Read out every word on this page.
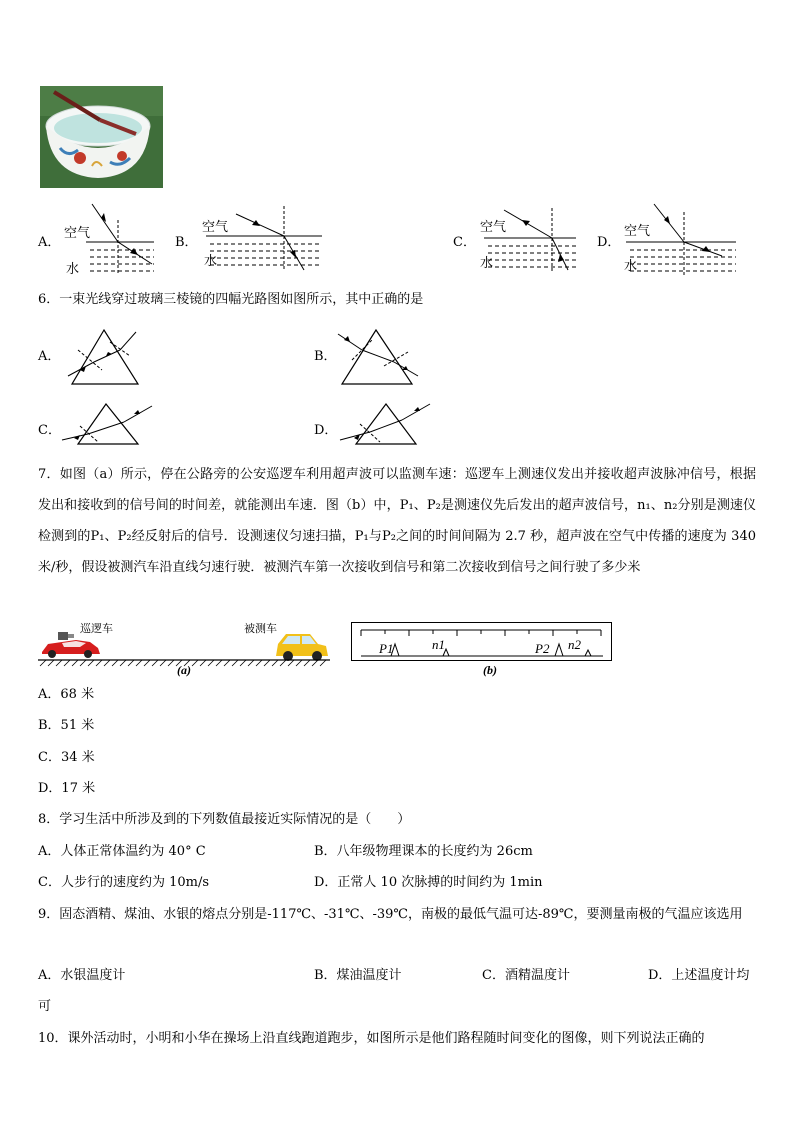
A．
空气
水
B．
空气
水
C．
空气
水
D．
空气
水
6．一束光线穿过玻璃三棱镜的四幅光路图如图所示，其中正确的是
A．	B．
C．	D．
7．如图（a）所示，停在公路旁的公安巡逻车利用超声波可以监测车速：巡逻车上测速仪发出并接收超声波脉冲信号，根据发出和接收到的信号间的时间差，就能测出车速．图（b）中，P₁、P₂是测速仪先后发出的超声波信号，n₁、n₂分别是测速仪检测到的P₁、P₂经反射后的信号．设测速仪匀速扫描，P₁与P₂之间的时间间隔为 2.7 秒，超声波在空气中传播的速度为 340 米/秒，假设被测汽车沿直线匀速行驶．被测汽车第一次接收到信号和第二次接收到信号之间行驶了多少米
巡逻车	被测车
(a)
P1	n1	P2 n2
(b)
A．68 米
B．51 米
C．34 米
D．17 米
8．学习生活中所涉及到的下列数值最接近实际情况的是（　　）
A．人体正常体温约为 40° C	B．八年级物理课本的长度约为 26cm
C．人步行的速度约为 10m/s	D．正常人 10 次脉搏的时间约为 1min
9．固态酒精、煤油、水银的熔点分别是-117℃、-31℃、-39℃，南极的最低气温可达-89℃，要测量南极的气温应该选用
A．水银温度计	B．煤油温度计	C．酒精温度计	D．上述温度计均
可
10．课外活动时，小明和小华在操场上沿直线跑道跑步，如图所示是他们路程随时间变化的图像，则下列说法正确的
